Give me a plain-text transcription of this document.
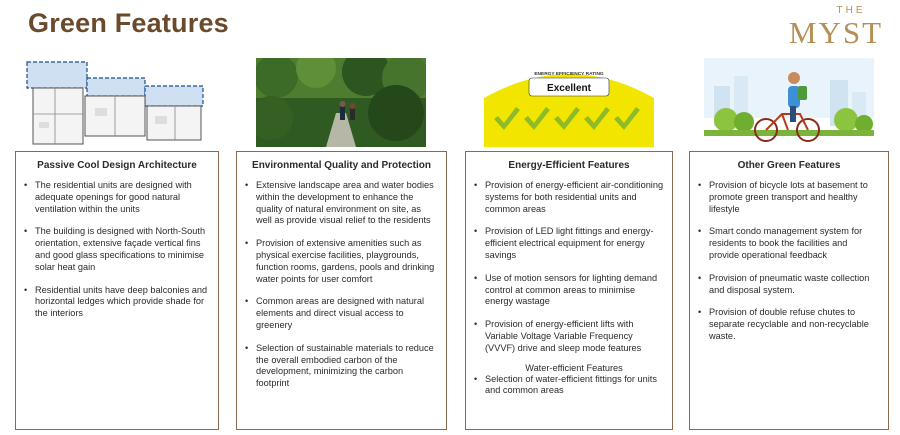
Green Features	THE
MYST
ENERGY EFFICIENCY RATING
Excellent
Passive Cool Design Architecture
• The residential units are designed with adequate openings for good natural ventilation within the units
• The building is designed with North-South orientation, extensive façade vertical fins and good glass specifications to minimise solar heat gain
• Residential units have deep balconies and horizontal ledges which provide shade for the interiors
Environmental Quality and Protection
• Extensive landscape area and water bodies within the development to enhance the quality of natural environment on site, as well as provide visual relief to the residents
• Provision of extensive amenities such as physical exercise facilities, playgrounds, function rooms, gardens, pools and drinking water points for user comfort
• Common areas are designed with natural elements and direct visual access to greenery
• Selection of sustainable materials to reduce the overall embodied carbon of the development, minimizing the carbon footprint
Energy-Efficient Features
• Provision of energy-efficient air-conditioning systems for both residential units and common areas
• Provision of LED light fittings and energy-efficient electrical equipment for energy savings
• Use of motion sensors for lighting demand control at common areas to minimise energy wastage
• Provision of energy-efficient lifts with Variable Voltage Variable Frequency (VVVF) drive and sleep mode features
Water-efficient Features
• Selection of water-efficient fittings for units and common areas
Other Green Features
• Provision of bicycle lots at basement to promote green transport and healthy lifestyle
• Smart condo management system for residents to book the facilities and provide operational feedback
• Provision of pneumatic waste collection and disposal system.
• Provision of double refuse chutes to separate recyclable and non-recyclable waste.
